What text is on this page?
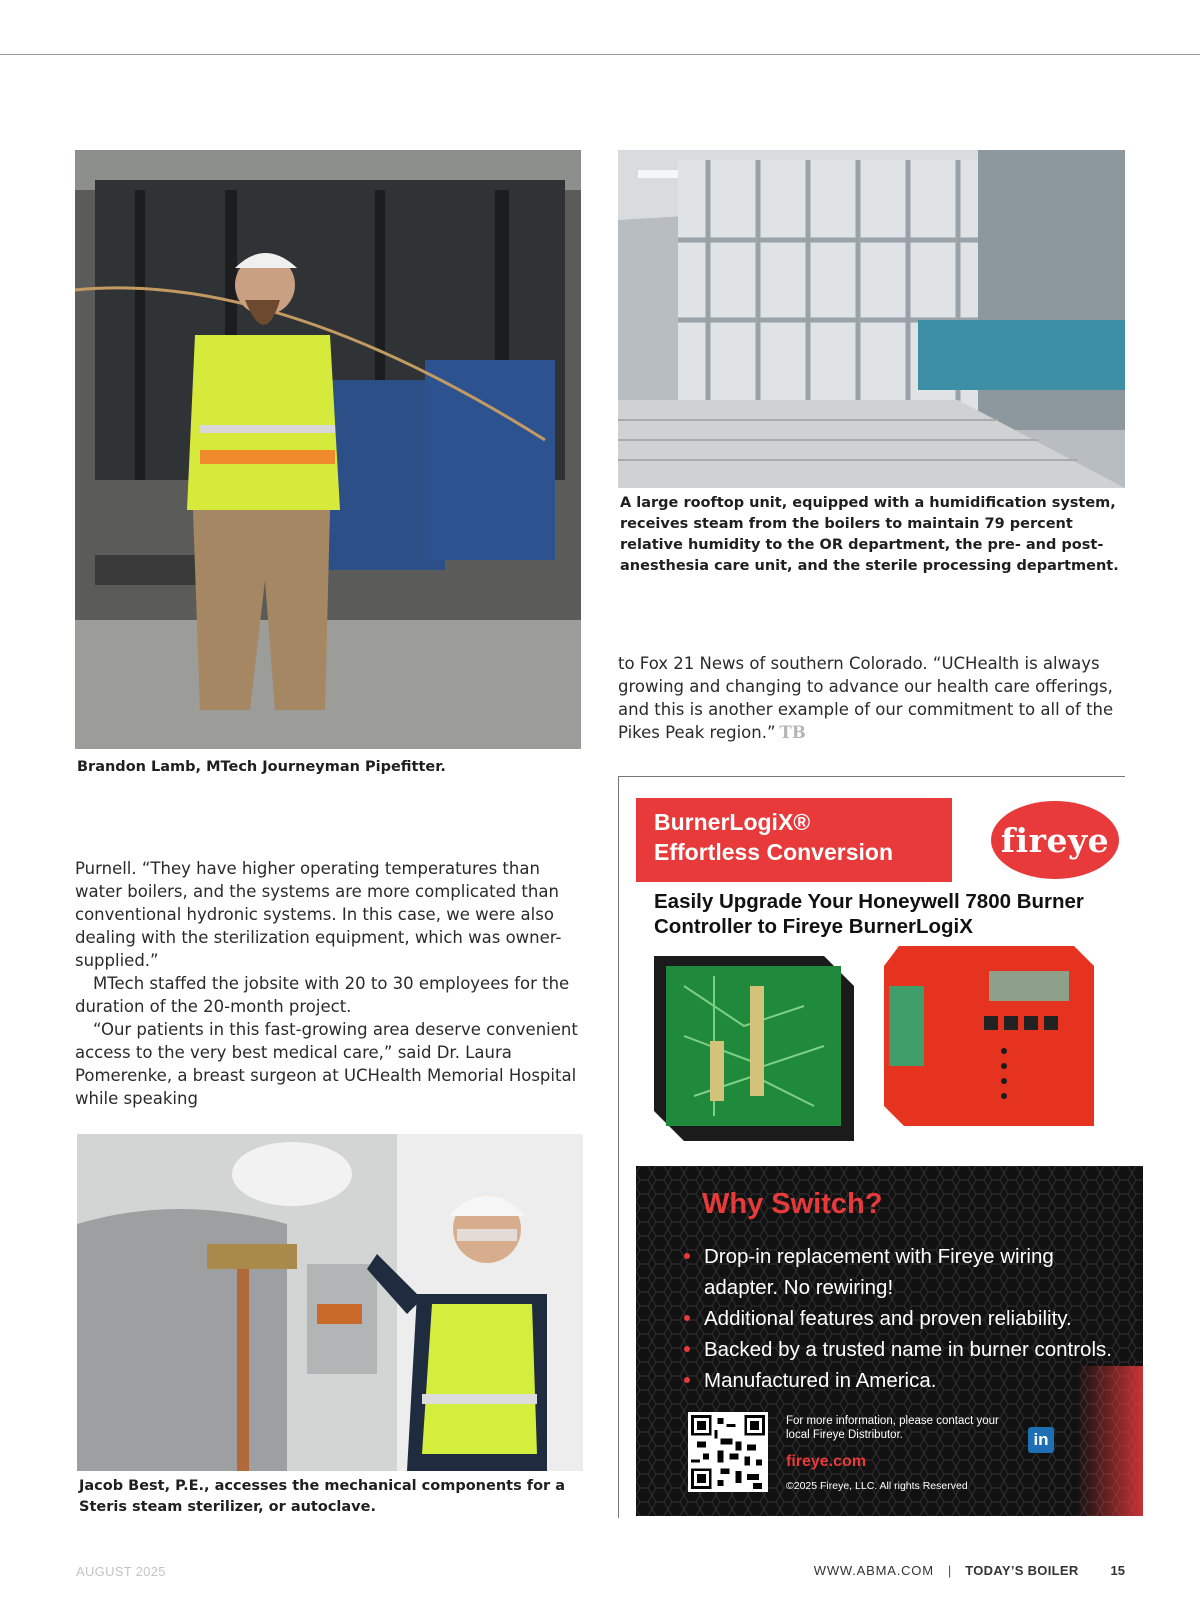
Brandon Lamb, MTech Journeyman Pipefitter.

A large rooftop unit, equipped with a humidification system, receives steam from the boilers to maintain 79 percent relative humidity to the OR department, the pre- and post-anesthesia care unit, and the sterile processing department.

Jacob Best, P.E., accesses the mechanical components for a Steris steam sterilizer, or autoclave.

to Fox 21 News of southern Colorado. “UCHealth is always growing and changing to advance our health care offerings, and this is another example of our commitment to all of the Pikes Peak region.” TB

Purnell. “They have higher operating temperatures than water boilers, and the systems are more complicated than conventional hydronic systems. In this case, we were also dealing with the sterilization equipment, which was owner-supplied.”

MTech staffed the jobsite with 20 to 30 employees for the duration of the 20-month project.

“Our patients in this fast-growing area deserve convenient access to the very best medical care,” said Dr. Laura Pomerenke, a breast surgeon at UCHealth Memorial Hospital while speaking

BurnerLogiX®
Effortless Conversion	fireye

Easily Upgrade Your Honeywell 7800 Burner Controller to Fireye BurnerLogiX

Why Switch?
Drop-in replacement with Fireye wiring adapter. No rewiring!
Additional features and proven reliability.
Backed by a trusted name in burner controls.
Manufactured in America.
For more information, please contact your local Fireye Distributor.
fireye.com
©2025 Fireye, LLC. All rights Reserved
in
AUGUST 2025	WWW.ABMA.COM | TODAY’S BOILER 15
